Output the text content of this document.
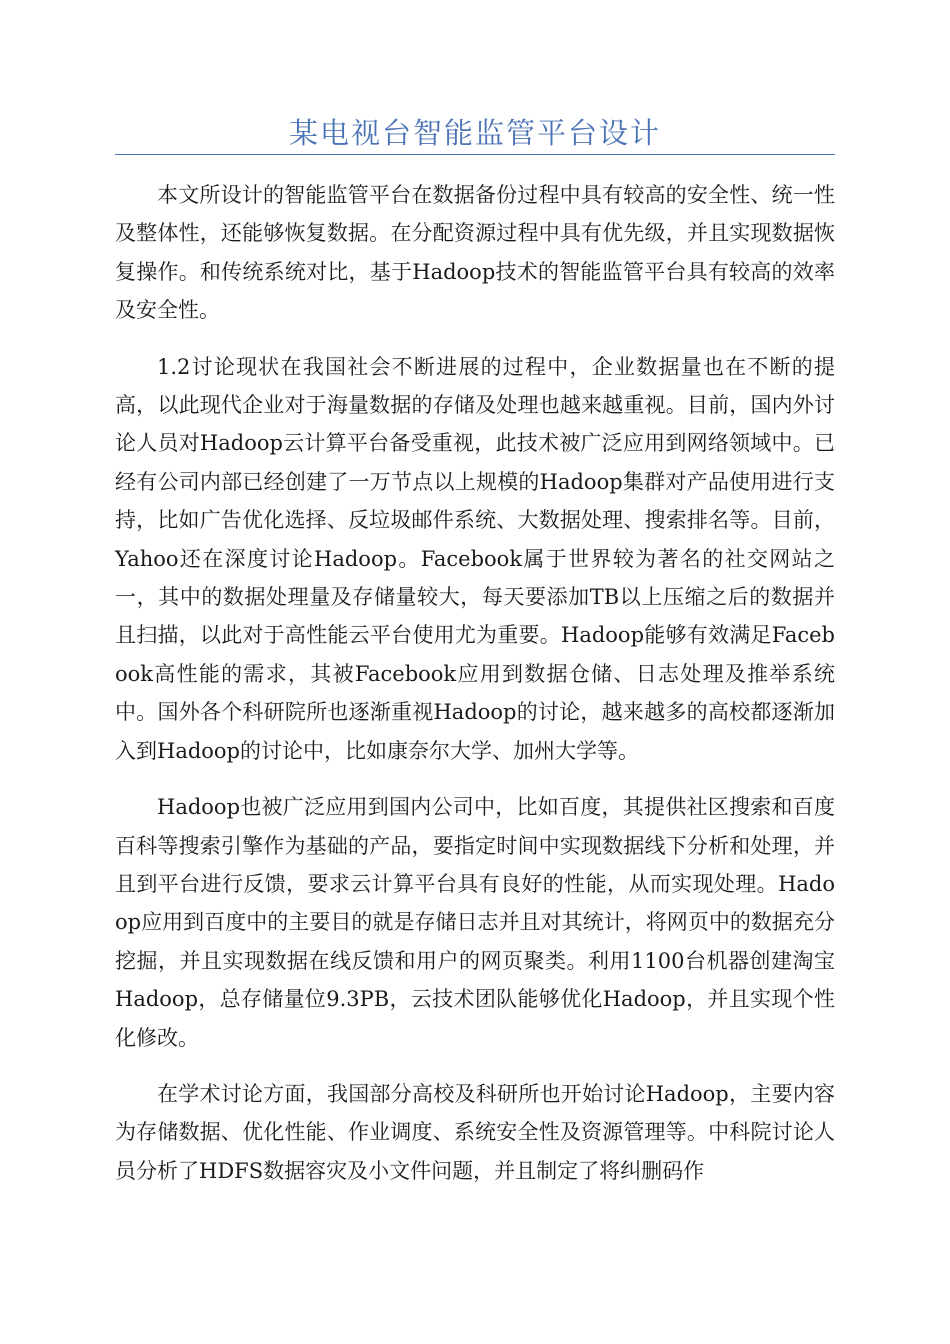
某电视台智能监管平台设计

本文所设计的智能监管平台在数据备份过程中具有较高的安全性、统一性及整体性，还能够恢复数据。在分配资源过程中具有优先级，并且实现数据恢复操作。和传统系统对比，基于Hadoop技术的智能监管平台具有较高的效率及安全性。

1.2讨论现状在我国社会不断进展的过程中，企业数据量也在不断的提高，以此现代企业对于海量数据的存储及处理也越来越重视。目前，国内外讨论人员对Hadoop云计算平台备受重视，此技术被广泛应用到网络领域中。已经有公司内部已经创建了一万节点以上规模的Hadoop集群对产品使用进行支持，比如广告优化选择、反垃圾邮件系统、大数据处理、搜索排名等。目前，Yahoo还在深度讨论Hadoop。Facebook属于世界较为著名的社交网站之一，其中的数据处理量及存储量较大，每天要添加TB以上压缩之后的数据并且扫描，以此对于高性能云平台使用尤为重要。Hadoop能够有效满足Facebook高性能的需求，其被Facebook应用到数据仓储、日志处理及推举系统中。国外各个科研院所也逐渐重视Hadoop的讨论，越来越多的高校都逐渐加入到Hadoop的讨论中，比如康奈尔大学、加州大学等。

Hadoop也被广泛应用到国内公司中，比如百度，其提供社区搜索和百度百科等搜索引擎作为基础的产品，要指定时间中实现数据线下分析和处理，并且到平台进行反馈，要求云计算平台具有良好的性能，从而实现处理。Hadoop应用到百度中的主要目的就是存储日志并且对其统计，将网页中的数据充分挖掘，并且实现数据在线反馈和用户的网页聚类。利用1100台机器创建淘宝Hadoop，总存储量位9.3PB，云技术团队能够优化Hadoop，并且实现个性化修改。

在学术讨论方面，我国部分高校及科研所也开始讨论Hadoop，主要内容为存储数据、优化性能、作业调度、系统安全性及资源管理等。中科院讨论人员分析了HDFS数据容灾及小文件问题，并且制定了将纠删码作
